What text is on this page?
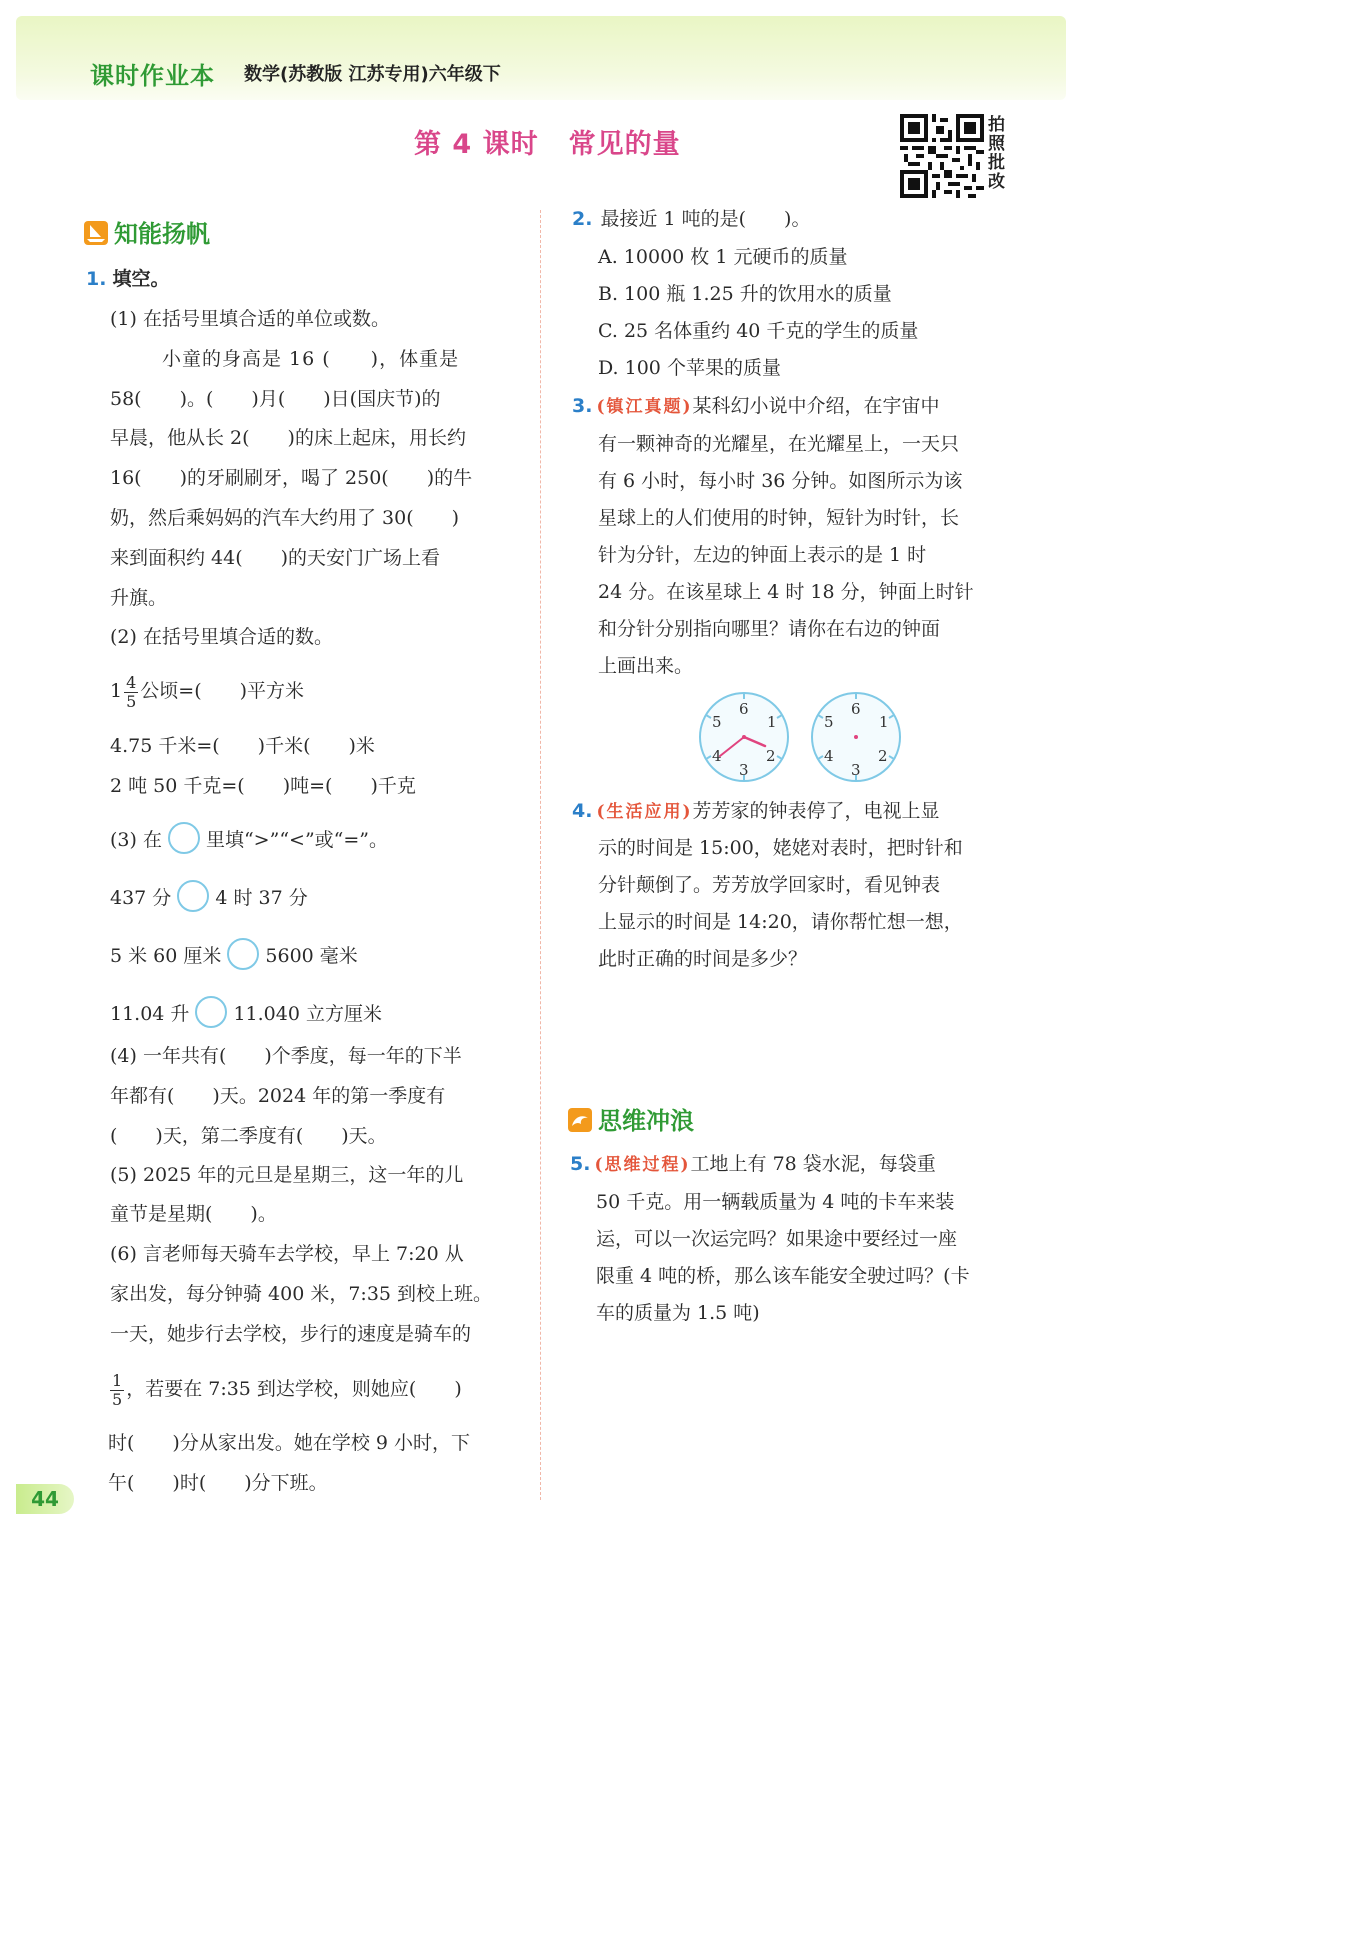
课时作业本 数学(苏教版 江苏专用)六年级下
第 4 课时 常见的量
拍照批改
知能扬帆
1. 填空。
(1) 在括号里填合适的单位或数。
小童的身高是 16 (　　)，体重是
58(　　)。(　　)月(　　)日(国庆节)的
早晨，他从长 2(　　)的床上起床，用长约
16(　　)的牙刷刷牙，喝了 250(　　)的牛
奶，然后乘妈妈的汽车大约用了 30(　　)
来到面积约 44(　　)的天安门广场上看
升旗。
(2) 在括号里填合适的数。
$1 \frac{4}{5}$ 公顷=(　　)平方米
4.75 千米=(　　)千米(　　)米
2 吨 50 千克=(　　)吨=(　　)千克
(3) 在 里填“>”“<”或“=”。
437 分 4 时 37 分
5 米 60 厘米 5600 毫米
11.04 升 11.040 立方厘米
(4) 一年共有(　　)个季度，每一年的下半
年都有(　　)天。2024 年的第一季度有
(　　)天，第二季度有(　　)天。
(5) 2025 年的元旦是星期三，这一年的儿
童节是星期(　　)。
(6) 言老师每天骑车去学校，早上 7:20 从
家出发，每分钟骑 400 米，7:35 到校上班。
一天，她步行去学校，步行的速度是骑车的
$\frac{1}{5}$ ，若要在 7:35 到达学校，则她应(　　)
时(　　)分从家出发。她在学校 9 小时，下
午(　　)时(　　)分下班。
2. 最接近 1 吨的是(　　)。
A. 10000 枚 1 元硬币的质量
B. 100 瓶 1.25 升的饮用水的质量
C. 25 名体重约 40 千克的学生的质量
D. 100 个苹果的质量
3. (镇江真题)某科幻小说中介绍，在宇宙中
有一颗神奇的光耀星，在光耀星上，一天只
有 6 小时，每小时 36 分钟。如图所示为该
星球上的人们使用的时钟，短针为时针，长
针为分针，左边的钟面上表示的是 1 时
24 分。在该星球上 4 时 18 分，钟面上时针
和分针分别指向哪里？请你在右边的钟面
上画出来。
6
1
2
3
4
5
6
1
2
3
4
5
4. (生活应用)芳芳家的钟表停了，电视上显
示的时间是 15:00，姥姥对表时，把时针和
分针颠倒了。芳芳放学回家时，看见钟表
上显示的时间是 14:20，请你帮忙想一想，
此时正确的时间是多少？
思维冲浪
5. (思维过程)工地上有 78 袋水泥，每袋重
50 千克。用一辆载质量为 4 吨的卡车来装
运，可以一次运完吗？如果途中要经过一座
限重 4 吨的桥，那么该车能安全驶过吗？(卡
车的质量为 1.5 吨)
44
